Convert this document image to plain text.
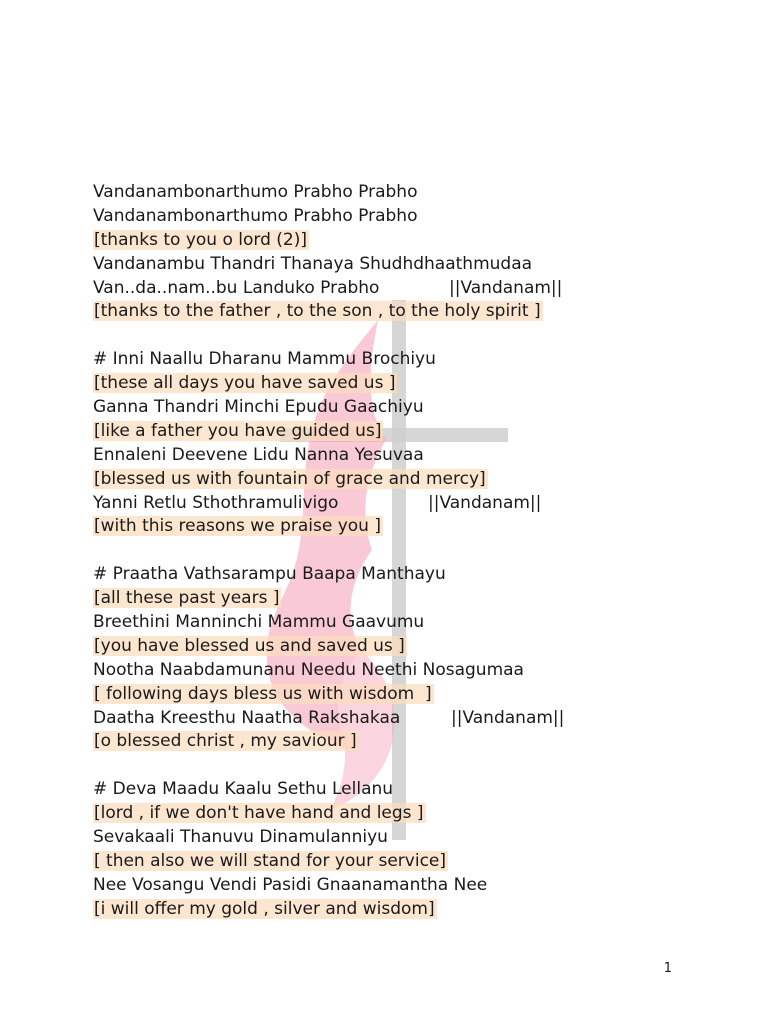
Vandanambonarthumo Prabho Prabho
Vandanambonarthumo Prabho Prabho
[thanks to you o lord (2)]
Vandanambu Thandri Thanaya Shudhdhaathmudaa
Van..da..nam..bu Landuko Prabho	||Vandanam||
[thanks to the father , to the son , to the holy spirit ]
# Inni Naallu Dharanu Mammu Brochiyu
[these all days you have saved us ]
Ganna Thandri Minchi Epudu Gaachiyu
[like a father you have guided us]
Ennaleni Deevene Lidu Nanna Yesuvaa
[blessed us with fountain of grace and mercy]
Yanni Retlu Sthothramulivigo	||Vandanam||
[with this reasons we praise you ]
# Praatha Vathsarampu Baapa Manthayu
[all these past years ]
Breethini Manninchi Mammu Gaavumu
[you have blessed us and saved us ]
Nootha Naabdamunanu Needu Neethi Nosagumaa
[ following days bless us with wisdom  ]
Daatha Kreesthu Naatha Rakshakaa	||Vandanam||
[o blessed christ , my saviour ]
# Deva Maadu Kaalu Sethu Lellanu
[lord , if we don't have hand and legs ]
Sevakaali Thanuvu Dinamulanniyu
[ then also we will stand for your service]
Nee Vosangu Vendi Pasidi Gnaanamantha Nee
[i will offer my gold , silver and wisdom]
1
